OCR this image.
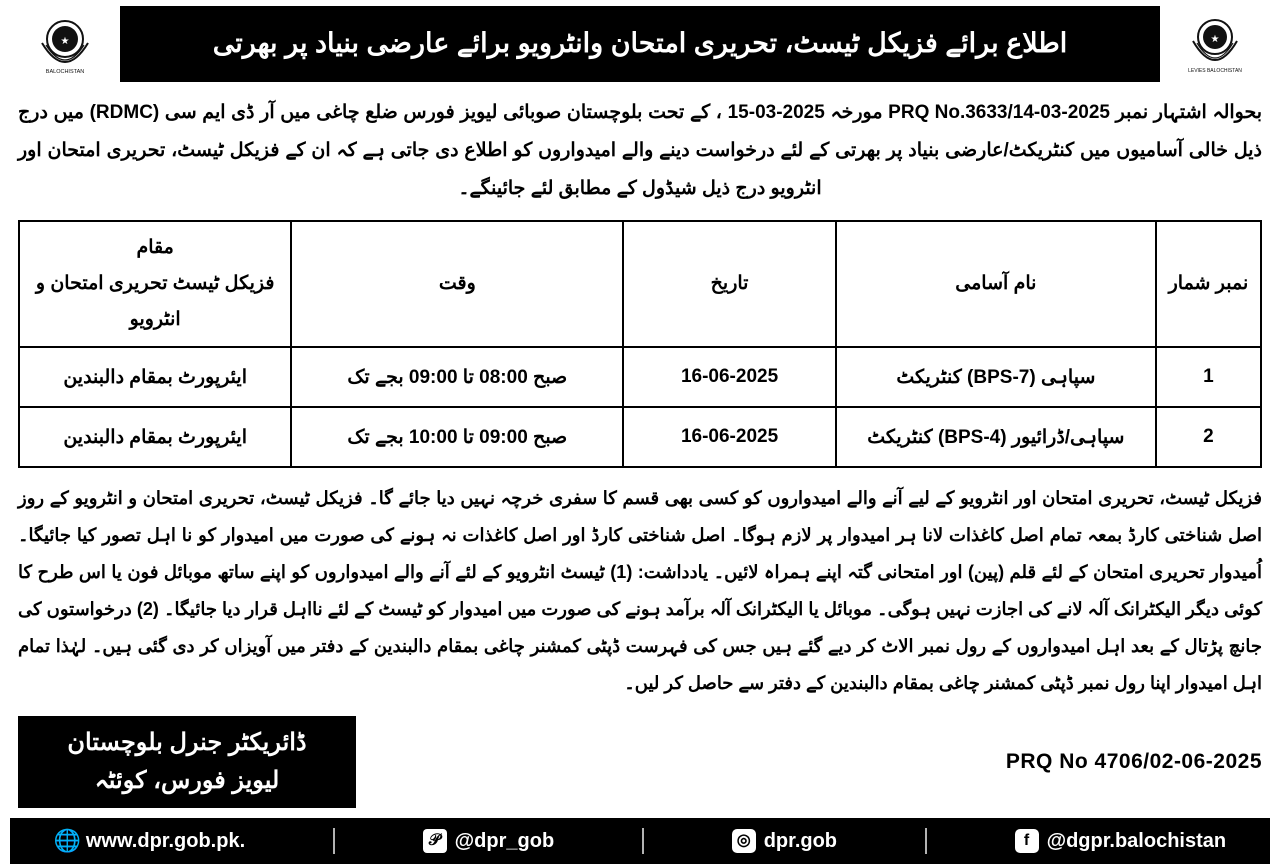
★
BALOCHISTAN
اطلاع برائے فزیکل ٹیسٹ، تحریری امتحان وانٹرویو برائے عارضی بنیاد پر بھرتی	★
LEVIES BALOCHISTAN
بحوالہ اشتہار نمبر PRQ No.3633/14-03-2025 مورخہ 15-03-2025 ، کے تحت بلوچستان صوبائی لیویز فورس ضلع چاغی میں آر ڈی ایم سی (RDMC) میں درج ذیل خالی آسامیوں میں کنٹریکٹ/عارضی بنیاد پر بھرتی کے لئے درخواست دینے والے امیدواروں کو اطلاع دی جاتی ہے کہ ان کے فزیکل ٹیسٹ، تحریری امتحان اور انٹرویو درج ذیل شیڈول کے مطابق لئے جائینگے۔
نمبر شمار	نام آسامی	تاریخ	وقت	مقام
فزیکل ٹیسٹ تحریری امتحان و انٹرویو

1	سپاہی (BPS-7) کنٹریکٹ	16-06-2025	صبح 08:00 تا 09:00 بجے تک	ایئرپورٹ بمقام دالبندین
2	سپاہی/ڈرائیور (BPS-4) کنٹریکٹ	16-06-2025	صبح 09:00 تا 10:00 بجے تک	ایئرپورٹ بمقام دالبندین

فزیکل ٹیسٹ، تحریری امتحان اور انٹرویو کے لیے آنے والے امیدواروں کو کسی بھی قسم کا سفری خرچہ نہیں دیا جائے گا۔ فزیکل ٹیسٹ، تحریری امتحان و انٹرویو کے روز اصل شناختی کارڈ بمعہ تمام اصل کاغذات لانا ہر امیدوار پر لازم ہوگا۔ اصل شناختی کارڈ اور اصل کاغذات نہ ہونے کی صورت میں امیدوار کو نا اہل تصور کیا جائیگا۔ اُمیدوار تحریری امتحان کے لئے قلم (پین) اور امتحانی گتہ اپنے ہمراہ لائیں۔ یادداشت: (1) ٹیسٹ انٹرویو کے لئے آنے والے امیدواروں کو اپنے ساتھ موبائل فون یا اس طرح کا کوئی دیگر الیکٹرانک آلہ لانے کی اجازت نہیں ہوگی۔ موبائل یا الیکٹرانک آلہ برآمد ہونے کی صورت میں امیدوار کو ٹیسٹ کے لئے نااہل قرار دیا جائیگا۔ (2) درخواستوں کی جانچ پڑتال کے بعد اہل امیدواروں کے رول نمبر الاٹ کر دیے گئے ہیں جس کی فہرست ڈپٹی کمشنر چاغی بمقام دالبندین کے دفتر میں آویزاں کر دی گئی ہیں۔ لہٰذا تمام اہل امیدوار اپنا رول نمبر ڈپٹی کمشنر چاغی بمقام دالبندین کے دفتر سے حاصل کر لیں۔

ڈائریکٹر جنرل بلوچستان
لیویز فورس، کوئٹہ
PRQ No 4706/02-06-2025
🌐 www.dpr.gob.pk.	𝒫 @dpr_gob	◎ dpr.gob	f @dgpr.balochistan
